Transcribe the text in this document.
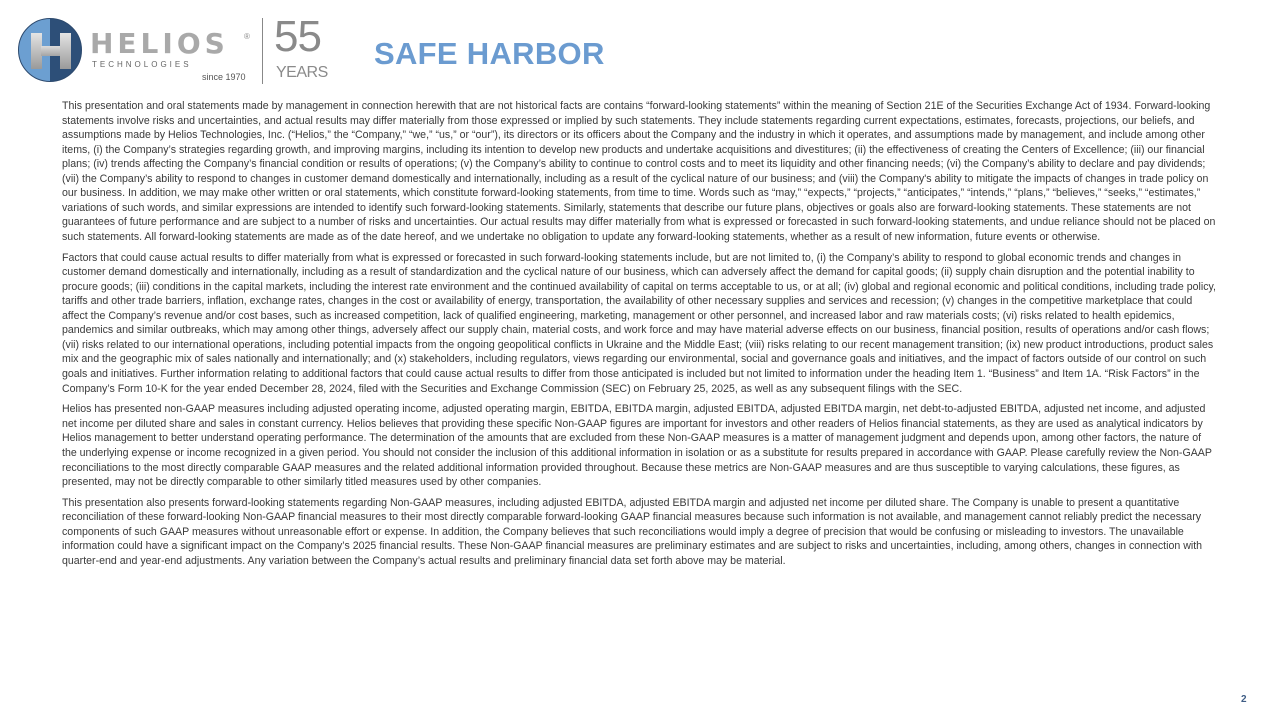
HELIOS ®
TECHNOLOGIES
since 1970
55
YEARS
SAFE HARBOR

This presentation and oral statements made by management in connection herewith that are not historical facts are contains “forward-looking statements” within the meaning of Section 21E of the Securities Exchange Act of 1934. Forward-looking statements involve risks and uncertainties, and actual results may differ materially from those expressed or implied by such statements. They include statements regarding current expectations, estimates, forecasts, projections, our beliefs, and assumptions made by Helios Technologies, Inc. (“Helios,” the “Company,” “we,” “us,” or “our”), its directors or its officers about the Company and the industry in which it operates, and assumptions made by management, and include among other items, (i) the Company’s strategies regarding growth, and improving margins, including its intention to develop new products and undertake acquisitions and divestitures; (ii) the effectiveness of creating the Centers of Excellence; (iii) our financial plans; (iv) trends affecting the Company’s financial condition or results of operations; (v) the Company’s ability to continue to control costs and to meet its liquidity and other financing needs; (vi) the Company’s ability to declare and pay dividends; (vii) the Company’s ability to respond to changes in customer demand domestically and internationally, including as a result of the cyclical nature of our business; and (viii) the Company's ability to mitigate the impacts of changes in trade policy on our business. In addition, we may make other written or oral statements, which constitute forward-looking statements, from time to time. Words such as “may,” “expects,” “projects,” “anticipates,” “intends,” “plans,” “believes,” “seeks,” “estimates,” variations of such words, and similar expressions are intended to identify such forward-looking statements. Similarly, statements that describe our future plans, objectives or goals also are forward-looking statements. These statements are not guarantees of future performance and are subject to a number of risks and uncertainties. Our actual results may differ materially from what is expressed or forecasted in such forward-looking statements, and undue reliance should not be placed on such statements. All forward-looking statements are made as of the date hereof, and we undertake no obligation to update any forward-looking statements, whether as a result of new information, future events or otherwise.

Factors that could cause actual results to differ materially from what is expressed or forecasted in such forward-looking statements include, but are not limited to, (i) the Company’s ability to respond to global economic trends and changes in customer demand domestically and internationally, including as a result of standardization and the cyclical nature of our business, which can adversely affect the demand for capital goods; (ii) supply chain disruption and the potential inability to procure goods; (iii) conditions in the capital markets, including the interest rate environment and the continued availability of capital on terms acceptable to us, or at all; (iv) global and regional economic and political conditions, including trade policy, tariffs and other trade barriers, inflation, exchange rates, changes in the cost or availability of energy, transportation, the availability of other necessary supplies and services and recession; (v) changes in the competitive marketplace that could affect the Company’s revenue and/or cost bases, such as increased competition, lack of qualified engineering, marketing, management or other personnel, and increased labor and raw materials costs; (vi) risks related to health epidemics, pandemics and similar outbreaks, which may among other things, adversely affect our supply chain, material costs, and work force and may have material adverse effects on our business, financial position, results of operations and/or cash flows; (vii) risks related to our international operations, including potential impacts from the ongoing geopolitical conflicts in Ukraine and the Middle East; (viii) risks relating to our recent management transition; (ix) new product introductions, product sales mix and the geographic mix of sales nationally and internationally; and (x) stakeholders, including regulators, views regarding our environmental, social and governance goals and initiatives, and the impact of factors outside of our control on such goals and initiatives. Further information relating to additional factors that could cause actual results to differ from those anticipated is included but not limited to information under the heading Item 1. “Business” and Item 1A. “Risk Factors” in the Company’s Form 10-K for the year ended December 28, 2024, filed with the Securities and Exchange Commission (SEC) on February 25, 2025, as well as any subsequent filings with the SEC.

Helios has presented non-GAAP measures including adjusted operating income, adjusted operating margin, EBITDA, EBITDA margin, adjusted EBITDA, adjusted EBITDA margin, net debt-to-adjusted EBITDA, adjusted net income, and adjusted net income per diluted share and sales in constant currency. Helios believes that providing these specific Non-GAAP figures are important for investors and other readers of Helios financial statements, as they are used as analytical indicators by Helios management to better understand operating performance. The determination of the amounts that are excluded from these Non-GAAP measures is a matter of management judgment and depends upon, among other factors, the nature of the underlying expense or income recognized in a given period. You should not consider the inclusion of this additional information in isolation or as a substitute for results prepared in accordance with GAAP. Please carefully review the Non-GAAP reconciliations to the most directly comparable GAAP measures and the related additional information provided throughout. Because these metrics are Non-GAAP measures and are thus susceptible to varying calculations, these figures, as presented, may not be directly comparable to other similarly titled measures used by other companies.

This presentation also presents forward-looking statements regarding Non-GAAP measures, including adjusted EBITDA, adjusted EBITDA margin and adjusted net income per diluted share. The Company is unable to present a quantitative reconciliation of these forward-looking Non-GAAP financial measures to their most directly comparable forward-looking GAAP financial measures because such information is not available, and management cannot reliably predict the necessary components of such GAAP measures without unreasonable effort or expense. In addition, the Company believes that such reconciliations would imply a degree of precision that would be confusing or misleading to investors. The unavailable information could have a significant impact on the Company’s 2025 financial results. These Non-GAAP financial measures are preliminary estimates and are subject to risks and uncertainties, including, among others, changes in connection with quarter-end and year-end adjustments. Any variation between the Company’s actual results and preliminary financial data set forth above may be material.

2
